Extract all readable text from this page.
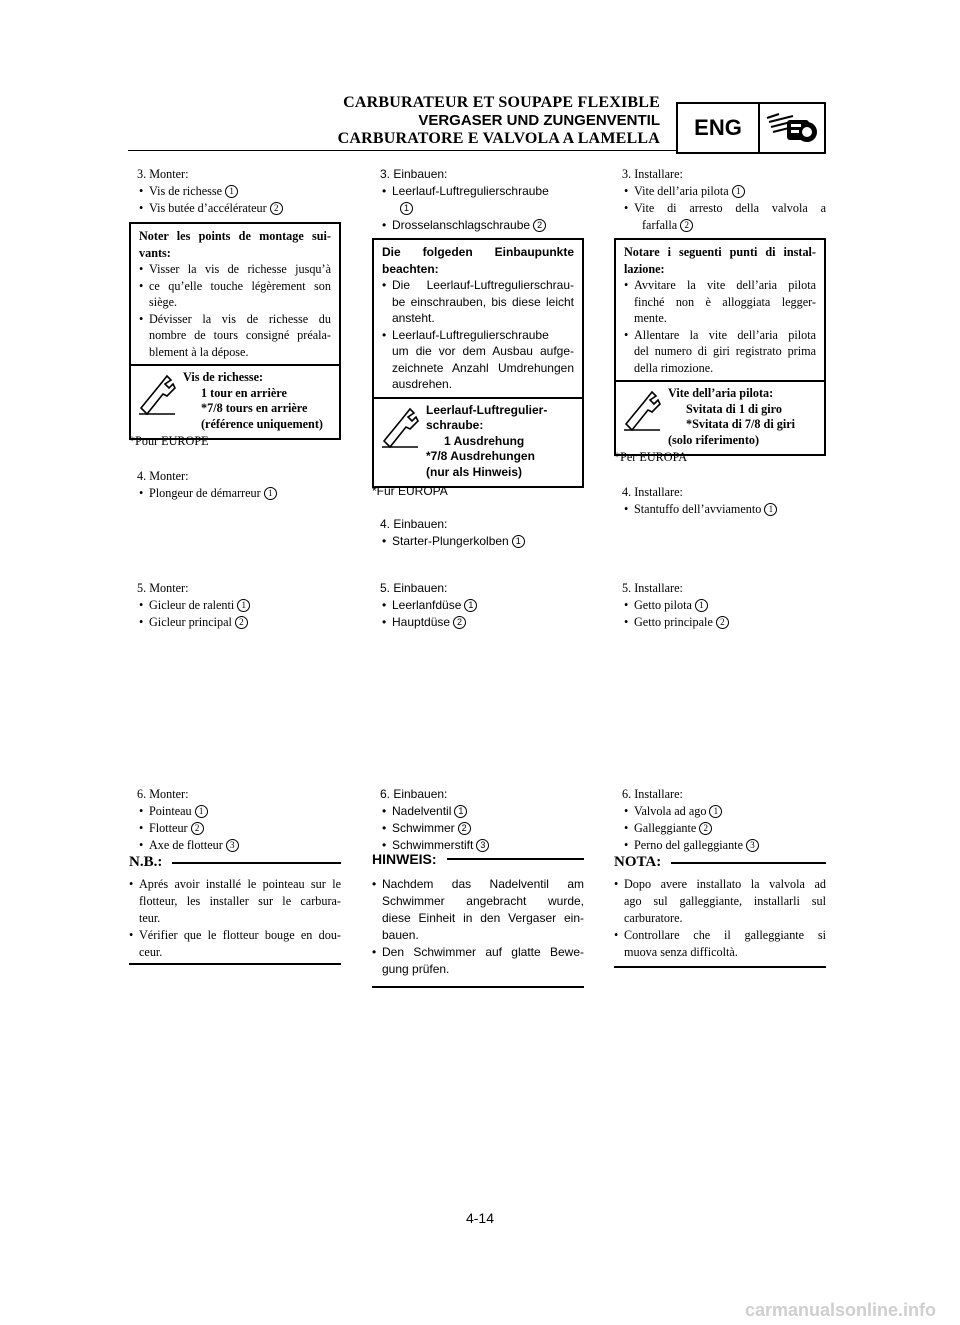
CARBURATEUR ET SOUPAPE FLEXIBLE
VERGASER UND ZUNGENVENTIL
CARBURATORE E VALVOLA A LAMELLA	ENG
3. Monter:
• Vis de richesse 1
• Vis butée d’accélérateur 2
Noter les points de montage sui-
vants:
• Visser la vis de richesse jusqu’à
• ce qu’elle touche légèrement son
siège.
• Dévisser la vis de richesse du
nombre de tours consigné préala-
blement à la dépose.
Vis de richesse:
1 tour en arrière
*7/8 tours en arrière
(référence uniquement)
*Pour EUROPE
4. Monter:
• Plongeur de démarreur 1
5. Monter:
• Gicleur de ralenti 1
• Gicleur principal 2
6. Monter:
• Pointeau 1
• Flotteur 2
• Axe de flotteur 3
N.B.:
• Aprés avoir installé le pointeau sur le
flotteur, les installer sur le carbura-
teur.
• Vérifier que le flotteur bouge en dou-
ceur.
3. Einbauen:
• Leerlauf-Luftregulierschraube
1
• Drosselanschlagschraube 2
Die folgeden Einbaupunkte
beachten:
• Die Leerlauf-Luftregulierschrau-
be einschrauben, bis diese leicht
ansteht.
• Leerlauf-Luftregulierschraube
um die vor dem Ausbau aufge-
zeichnete Anzahl Umdrehungen
ausdrehen.
Leerlauf-Luftregulier-
schraube:
1 Ausdrehung
*7/8 Ausdrehungen
(nur als Hinweis)
*Für EUROPA
4. Einbauen:
• Starter-Plungerkolben 1
5. Einbauen:
• Leerlanfdüse 1
• Hauptdüse 2
6. Einbauen:
• Nadelventil 1
• Schwimmer 2
• Schwimmerstift 3
HINWEIS:
• Nachdem das Nadelventil am
Schwimmer angebracht wurde,
diese Einheit in den Vergaser ein-
bauen.
• Den Schwimmer auf glatte Bewe-
gung prüfen.
3. Installare:
• Vite dell’aria pilota 1
• Vite di arresto della valvola a
farfalla 2
Notare i seguenti punti di instal-
lazione:
• Avvitare la vite dell’aria pilota
finché non è alloggiata legger-
mente.
• Allentare la vite dell’aria pilota
del numero di giri registrato prima
della rimozione.
Vite dell’aria pilota:
Svitata di 1 di giro
*Svitata di 7/8 di giri
(solo riferimento)
*Per EUROPA
4. Installare:
• Stantuffo dell’avviamento 1
5. Installare:
• Getto pilota 1
• Getto principale 2
6. Installare:
• Valvola ad ago 1
• Galleggiante 2
• Perno del galleggiante 3
NOTA:
• Dopo avere installato la valvola ad
ago sul galleggiante, installarli sul
carburatore.
• Controllare che il galleggiante si
muova senza difficoltà.
4-14
carmanualsonline.info
